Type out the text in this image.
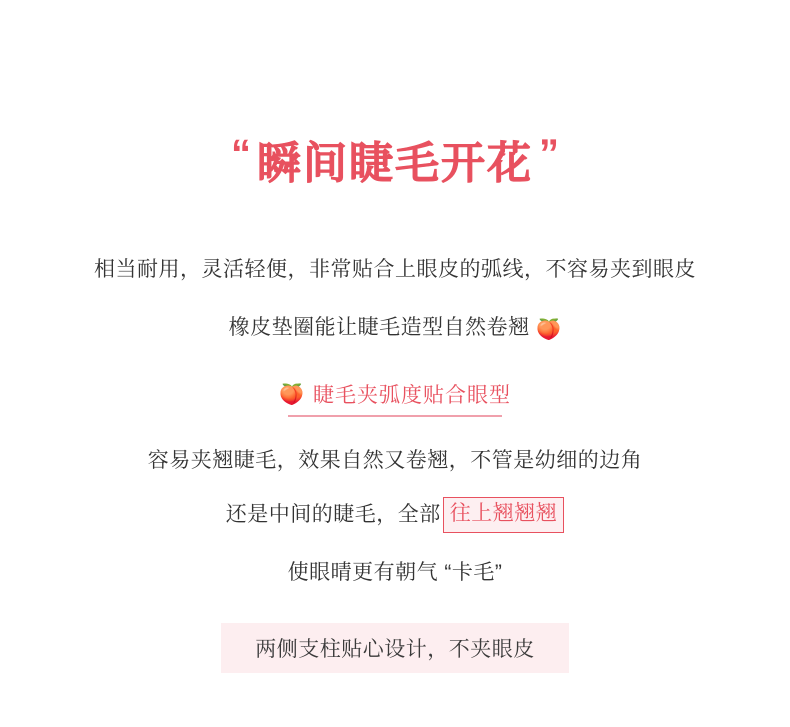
“ 瞬间睫毛开花 ”
相当耐用，灵活轻便，非常贴合上眼皮的弧线，不容易夹到眼皮
橡皮垫圈能让睫毛造型自然卷翘 🍑
🍑 睫毛夹弧度贴合眼型
容易夹翘睫毛，效果自然又卷翘，不管是幼细的边角
还是中间的睫毛，全部 往上翘翘翘
使眼晴更有朝气 “卡毛”
两侧支柱贴心设计，不夹眼皮
